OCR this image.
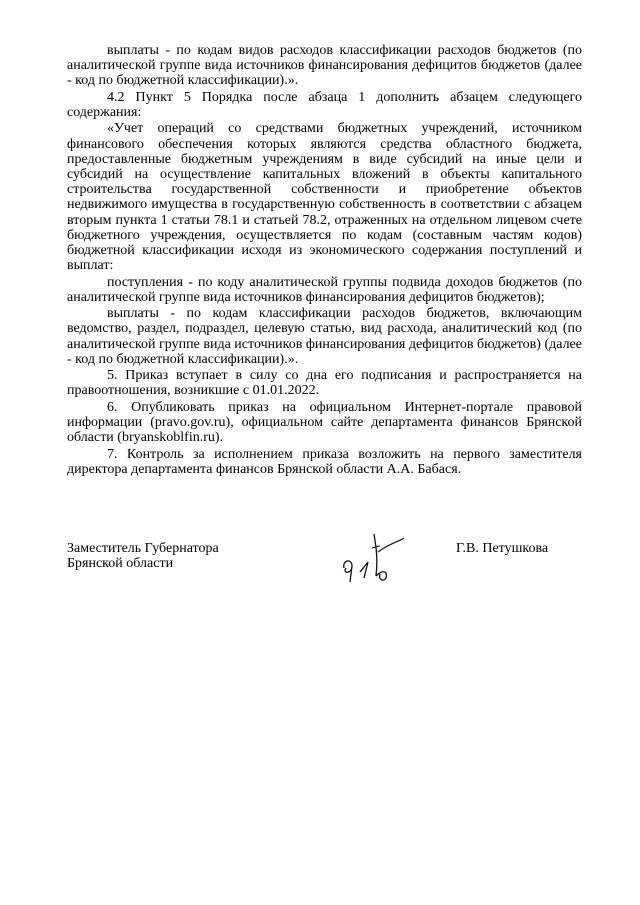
выплаты - по кодам видов расходов классификации расходов бюджетов (по аналитической группе вида источников финансирования дефицитов бюджетов (далее - код по бюджетной классификации).».

4.2 Пункт 5 Порядка после абзаца 1 дополнить абзацем следующего содержания:

«Учет операций со средствами бюджетных учреждений, источником финансового обеспечения которых являются средства областного бюджета, предоставленные бюджетным учреждениям в виде субсидий на иные цели и субсидий на осуществление капитальных вложений в объекты капитального строительства государственной собственности и приобретение объектов недвижимого имущества в государственную собственность в соответствии с абзацем вторым пункта 1 статьи 78.1 и статьей 78.2, отраженных на отдельном лицевом счете бюджетного учреждения, осуществляется по кодам (составным частям кодов) бюджетной классификации исходя из экономического содержания поступлений и выплат:

поступления - по коду аналитической группы подвида доходов бюджетов (по аналитической группе вида источников финансирования дефицитов бюджетов);

выплаты - по кодам классификации расходов бюджетов, включающим ведомство, раздел, подраздел, целевую статью, вид расхода, аналитический код (по аналитической группе вида источников финансирования дефицитов бюджетов) (далее - код по бюджетной классификации).».

5. Приказ вступает в силу со дна его подписания и распространяется на правоотношения, возникшие с 01.01.2022.

6. Опубликовать приказ на официальном Интернет-портале правовой информации (pravo.gov.ru), официальном сайте департамента финансов Брянской области (bryanskoblfin.ru).

7. Контроль за исполнением приказа возложить на первого заместителя директора департамента финансов Брянской области А.А. Бабася.

Заместитель Губернатора
Брянской области
Г.В. Петушкова
